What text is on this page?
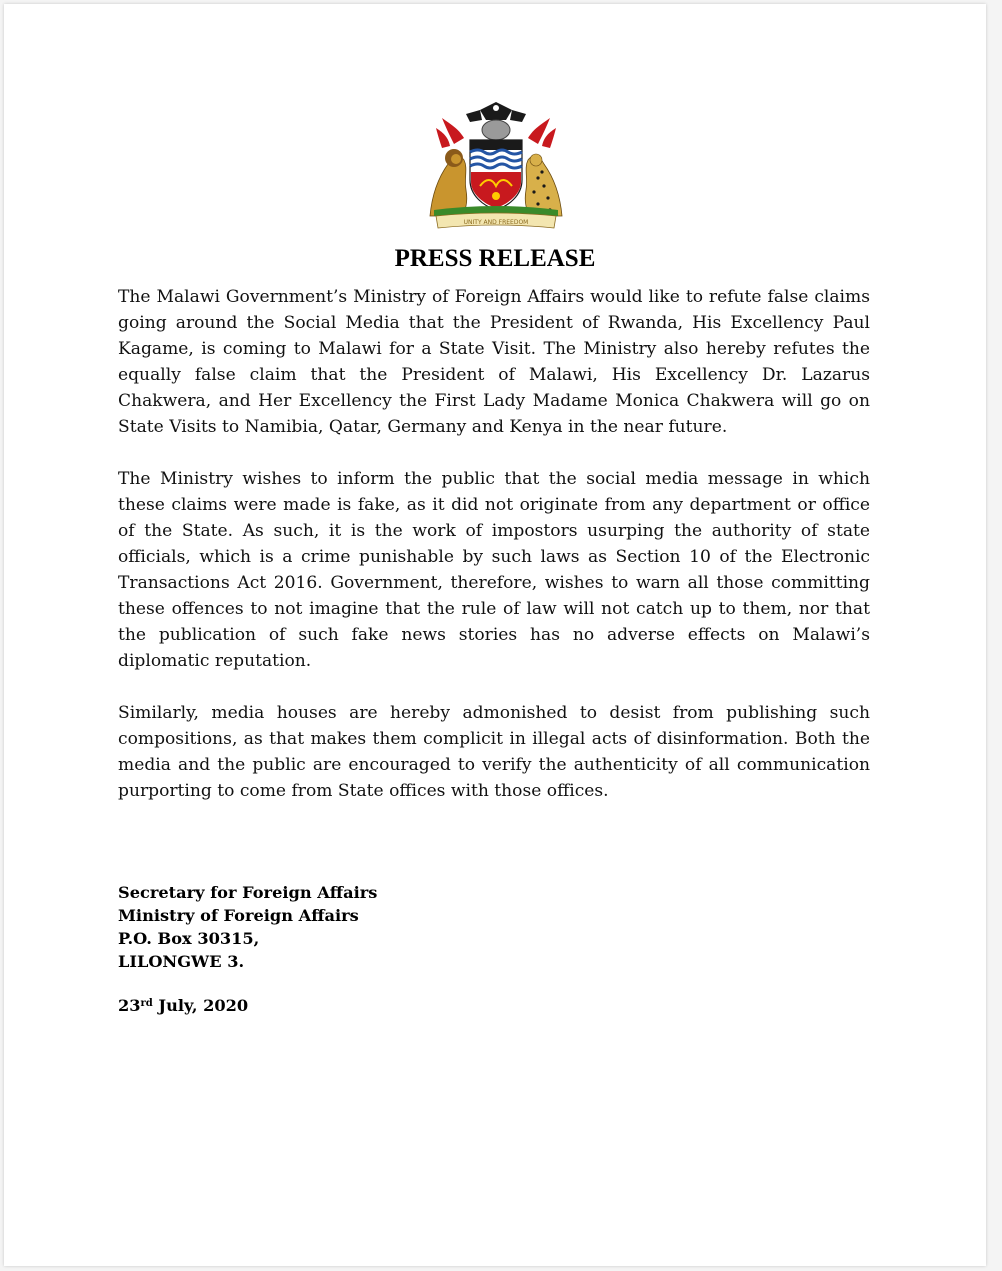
UNITY AND FREEDOM
PRESS RELEASE

The Malawi Government’s Ministry of Foreign Affairs would like to refute false claims going around the Social Media that the President of Rwanda, His Excellency Paul Kagame, is coming to Malawi for a State Visit. The Ministry also hereby refutes the equally false claim that the President of Malawi, His Excellency Dr. Lazarus Chakwera, and Her Excellency the First Lady Madame Monica Chakwera will go on State Visits to Namibia, Qatar, Germany and Kenya in the near future.

The Ministry wishes to inform the public that the social media message in which these claims were made is fake, as it did not originate from any department or office of the State. As such, it is the work of impostors usurping the authority of state officials, which is a crime punishable by such laws as Section 10 of the Electronic Transactions Act 2016. Government, therefore, wishes to warn all those committing these offences to not imagine that the rule of law will not catch up to them, nor that the publication of such fake news stories has no adverse effects on Malawi’s diplomatic reputation.

Similarly, media houses are hereby admonished to desist from publishing such compositions, as that makes them complicit in illegal acts of disinformation. Both the media and the public are encouraged to verify the authenticity of all communication purporting to come from State offices with those offices.

Secretary for Foreign Affairs
Ministry of Foreign Affairs
P.O. Box 30315,
LILONGWE 3.
23rd July, 2020
